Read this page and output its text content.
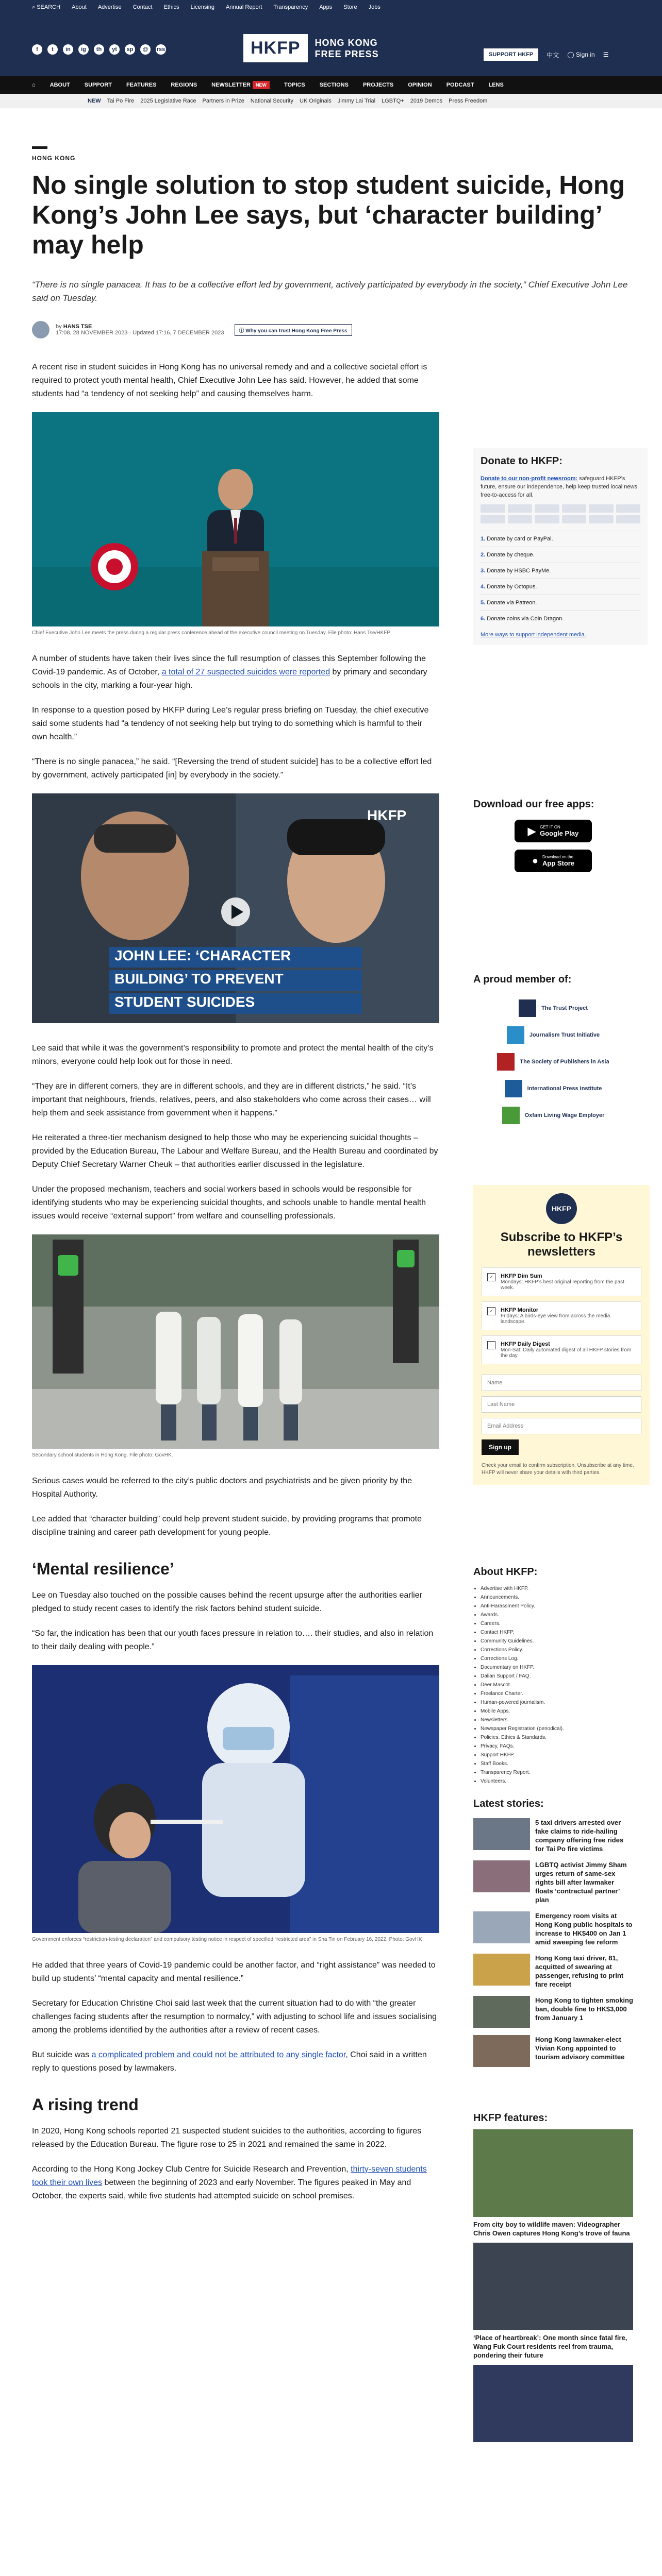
⌕ SEARCH About Advertise Contact Ethics Licensing Annual Report Transparency Apps Store Jobs
f	t	in	ig	th	yt	sp	@	rss	HKFP	HONG KONG
FREE PRESS	SUPPORT HKFP	中文 ◯ Sign in ☰
⌂	ABOUT	SUPPORT	FEATURES	REGIONS	NEWSLETTER NEW	TOPICS	SECTIONS	PROJECTS	OPINION	PODCAST	LENS
NEW Tai Po Fire 2025 Legislative Race Partners in Prize National Security UK Originals Jimmy Lai Trial LGBTQ+ 2019 Demos Press Freedom
HONG KONG
No single solution to stop student suicide, Hong Kong’s John Lee says, but ‘character building’ may help
“There is no single panacea. It has to be a collective effort led by government, actively participated by everybody in the society,” Chief Executive John Lee said on Tuesday.
by HANS TSE
17:08, 28 NOVEMBER 2023 · Updated 17:16, 7 DECEMBER 2023	ⓘ Why you can trust Hong Kong Free Press

A recent rise in student suicides in Hong Kong has no universal remedy and and a collective societal effort is required to protect youth mental health, Chief Executive John Lee has said. However, he added that some students had “a tendency of not seeking help” and causing themselves harm.

Chief Executive John Lee meets the press during a regular press conference ahead of the executive council meeting on Tuesday. File photo: Hans Tse/HKFP

A number of students have taken their lives since the full resumption of classes this September following the Covid-19 pandemic. As of October, a total of 27 suspected suicides were reported by primary and secondary schools in the city, marking a four-year high.

In response to a question posed by HKFP during Lee’s regular press briefing on Tuesday, the chief executive said some students had “a tendency of not seeking help but trying to do something which is harmful to their own health.”

“There is no single panacea,” he said. “[Reversing the trend of student suicide] has to be a collective effort led by government, actively participated [in] by everybody in the society.”

HKFP
JOHN LEE: ‘CHARACTER
BUILDING’ TO PREVENT
STUDENT SUICIDES

Lee said that while it was the government’s responsibility to promote and protect the mental health of the city’s minors, everyone could help look out for those in need.

“They are in different corners, they are in different schools, and they are in different districts,” he said. “It’s important that neighbours, friends, relatives, peers, and also stakeholders who come across their cases… will help them and seek assistance from government when it happens.”

He reiterated a three-tier mechanism designed to help those who may be experiencing suicidal thoughts – provided by the Education Bureau, The Labour and Welfare Bureau, and the Health Bureau and coordinated by Deputy Chief Secretary Warner Cheuk – that authorities earlier discussed in the legislature.

Under the proposed mechanism, teachers and social workers based in schools would be responsible for identifying students who may be experiencing suicidal thoughts, and schools unable to handle mental health issues would receive “external support” from welfare and counselling professionals.

Secondary school students in Hong Kong. File photo: GovHK.

Serious cases would be referred to the city’s public doctors and psychiatrists and be given priority by the Hospital Authority.

Lee added that “character building” could help prevent student suicide, by providing programs that promote discipline training and career path development for young people.

‘Mental resilience’

Lee on Tuesday also touched on the possible causes behind the recent upsurge after the authorities earlier pledged to study recent cases to identify the risk factors behind student suicide.

“So far, the indication has been that our youth faces pressure in relation to…. their studies, and also in relation to their daily dealing with people.”

Government enforces “restriction-testing declaration” and compulsory testing notice in respect of specified “restricted area” in Sha Tin on February 16, 2022. Photo: GovHK

He added that three years of Covid-19 pandemic could be another factor, and “right assistance” was needed to build up students’ “mental capacity and mental resilience.”

Secretary for Education Christine Choi said last week that the current situation had to do with “the greater challenges facing students after the resumption to normalcy,” with adjusting to school life and issues socialising among the problems identified by the authorities after a review of recent cases.

But suicide was a complicated problem and could not be attributed to any single factor, Choi said in a written reply to questions posed by lawmakers.

A rising trend

In 2020, Hong Kong schools reported 21 suspected student suicides to the authorities, according to figures released by the Education Bureau. The figure rose to 25 in 2021 and remained the same in 2022.

According to the Hong Kong Jockey Club Centre for Suicide Research and Prevention, thirty-seven students took their own lives between the beginning of 2023 and early November. The figures peaked in May and October, the experts said, while five students had attempted suicide on school premises.

Donate to HKFP:
Donate to our non-profit newsroom: safeguard HKFP’s future, ensure our independence, help keep trusted local news free-to-access for all.
1. Donate by card or PayPal.
2. Donate by cheque.
3. Donate by HSBC PayMe.
4. Donate by Octopus.
5. Donate via Patreon.
6. Donate coins via Coin Dragon.
More ways to support independent media.
Download our free apps:
▶ GET IT ON
Google Play
● Download on the
App Store
A proud member of:
The Trust Project
Journalism Trust Initiative
The Society of Publishers in Asia
International Press Institute
Oxfam Living Wage Employer
HKFP
Subscribe to HKFP’s newsletters
✓	HKFP Dim Sum
Mondays: HKFP’s best original reporting from the past week.
✓	HKFP Monitor
Fridays: A birds-eye view from across the media landscape.
HKFP Daily Digest
Mon-Sat: Daily automated digest of all HKFP stories from the day.
Name Last Name Email Address Sign up
Check your email to confirm subscription. Unsubscribe at any time. HKFP will never share your details with third parties.
About HKFP:
• Advertise with HKFP.
• Announcements.
• Anti-Harassment Policy.
• Awards.
• Careers.
• Contact HKFP.
• Community Guidelines.
• Corrections Policy.
• Corrections Log.
• Documentary on HKFP.
• Dalian Support / FAQ.
• Deer Mascot.
• Freelance Charter.
• Human-powered journalism.
• Mobile Apps.
• Newsletters.
• Newspaper Registration (periodical).
• Policies, Ethics & Standards.
• Privacy, FAQs.
• Support HKFP.
• Staff Books.
• Transparency Report.
• Volunteers.
Latest stories:
5 taxi drivers arrested over fake claims to ride-hailing company offering free rides for Tai Po fire victims
LGBTQ activist Jimmy Sham urges return of same-sex rights bill after lawmaker floats ‘contractual partner’ plan
Emergency room visits at Hong Kong public hospitals to increase to HK$400 on Jan 1 amid sweeping fee reform
Hong Kong taxi driver, 81, acquitted of swearing at passenger, refusing to print fare receipt
Hong Kong to tighten smoking ban, double fine to HK$3,000 from January 1
Hong Kong lawmaker-elect Vivian Kong appointed to tourism advisory committee
HKFP features:
From city boy to wildlife maven: Videographer Chris Owen captures Hong Kong’s trove of fauna
‘Place of heartbreak’: One month since fatal fire, Wang Fuk Court residents reel from trauma, pondering their future
